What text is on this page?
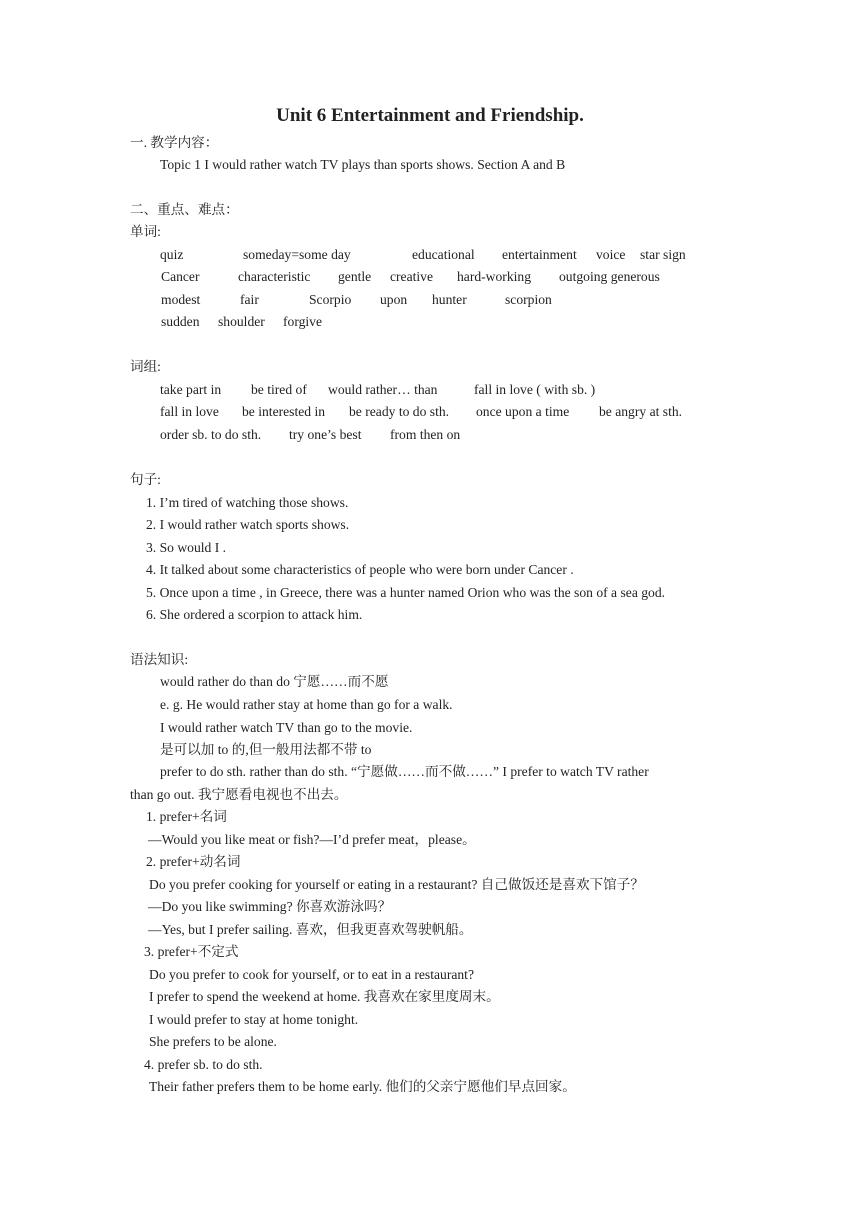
Unit 6 Entertainment and Friendship.
一. 教学内容：
Topic 1 I would rather watch TV plays than sports shows. Section A and B
二、重点、难点：
单词:
quiz	someday=some day	educational entertainment voice star sign
Cancer	characteristic gentle creative hard-working outgoing generous
modest	fair	Scorpio upon hunter	scorpion
sudden shoulder forgive
词组:
take part in be tired of would rather… than	fall in love ( with sb. )
fall in love be interested in be ready to do sth. once upon a time be angry at sth.
order sb. to do sth. try one’s best from then on
句子:
1. I’m tired of watching those shows.
2. I would rather watch sports shows.
3. So would I .
4. It talked about some characteristics of people who were born under Cancer .
5. Once upon a time , in Greece, there was a hunter named Orion who was the son of a sea god.
6. She ordered a scorpion to attack him.
语法知识:
would rather do than do 宁愿……而不愿
e. g. He would rather stay at home than go for a walk.
I would rather watch TV than go to the movie.
是可以加 to 的,但一般用法都不带 to
prefer to do sth. rather than do sth. “宁愿做……而不做……” I prefer to watch TV rather
than go out. 我宁愿看电视也不出去。
1. prefer+名词
—Would you like meat or fish?—I’d prefer meat，please。
2. prefer+动名词
Do you prefer cooking for yourself or eating in a restaurant? 自己做饭还是喜欢下馆子？
—Do you like swimming? 你喜欢游泳吗？
—Yes, but I prefer sailing. 喜欢，但我更喜欢驾驶帆船。
3. prefer+不定式
Do you prefer to cook for yourself, or to eat in a restaurant?
I prefer to spend the weekend at home. 我喜欢在家里度周末。
I would prefer to stay at home tonight.
She prefers to be alone.
4. prefer sb. to do sth.
Their father prefers them to be home early. 他们的父亲宁愿他们早点回家。
